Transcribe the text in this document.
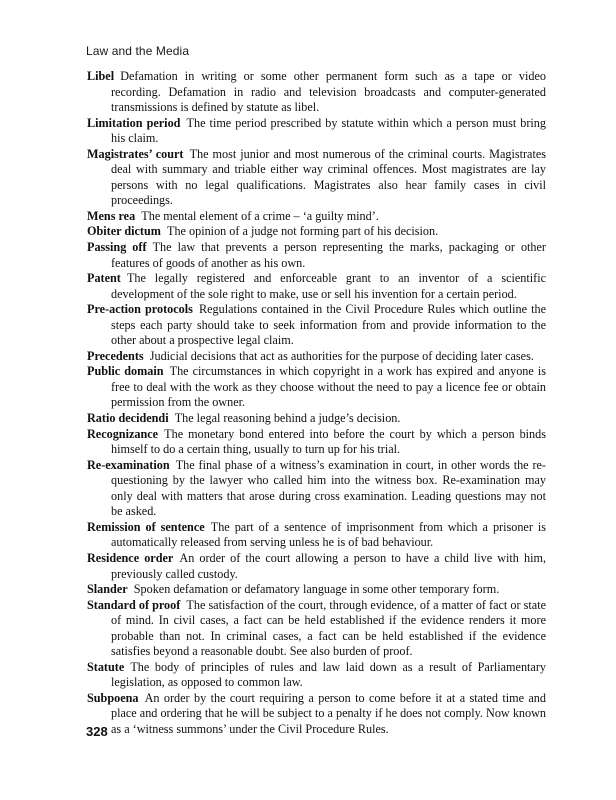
Law and the Media

Libel  Defamation in writing or some other permanent form such as a tape or video recording. Defamation in radio and television broadcasts and computer-generated transmissions is defined by statute as libel.

Limitation period  The time period prescribed by statute within which a person must bring his claim.

Magistrates’ court  The most junior and most numerous of the criminal courts. Magistrates deal with summary and triable either way criminal offences. Most magistrates are lay persons with no legal qualifications. Magistrates also hear family cases in civil proceedings.

Mens rea  The mental element of a crime – ‘a guilty mind’.

Obiter dictum  The opinion of a judge not forming part of his decision.

Passing off  The law that prevents a person representing the marks, packaging or other features of goods of another as his own.

Patent  The legally registered and enforceable grant to an inventor of a scientific development of the sole right to make, use or sell his invention for a certain period.

Pre-action protocols  Regulations contained in the Civil Procedure Rules which outline the steps each party should take to seek information from and provide information to the other about a prospective legal claim.

Precedents  Judicial decisions that act as authorities for the purpose of deciding later cases.

Public domain  The circumstances in which copyright in a work has expired and anyone is free to deal with the work as they choose without the need to pay a licence fee or obtain permission from the owner.

Ratio decidendi  The legal reasoning behind a judge’s decision.

Recognizance  The monetary bond entered into before the court by which a person binds himself to do a certain thing, usually to turn up for his trial.

Re-examination  The final phase of a witness’s examination in court, in other words the re-questioning by the lawyer who called him into the witness box. Re-examination may only deal with matters that arose during cross examination. Leading questions may not be asked.

Remission of sentence  The part of a sentence of imprisonment from which a prisoner is automatically released from serving unless he is of bad behaviour.

Residence order  An order of the court allowing a person to have a child live with him, previously called custody.

Slander  Spoken defamation or defamatory language in some other temporary form.

Standard of proof  The satisfaction of the court, through evidence, of a matter of fact or state of mind. In civil cases, a fact can be held established if the evidence renders it more probable than not. In criminal cases, a fact can be held established if the evidence satisfies beyond a reasonable doubt. See also burden of proof.

Statute  The body of principles of rules and law laid down as a result of Parliamentary legislation, as opposed to common law.

Subpoena  An order by the court requiring a person to come before it at a stated time and place and ordering that he will be subject to a penalty if he does not comply. Now known as a ‘witness summons’ under the Civil Procedure Rules.

328
